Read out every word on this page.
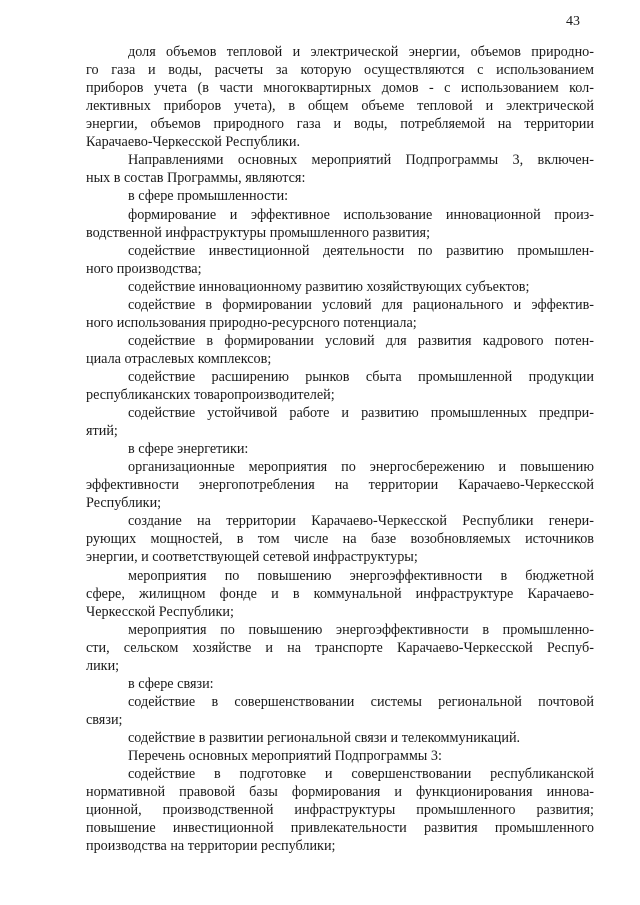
43
доля объемов тепловой и электрической энергии, объемов природно-
го газа и воды, расчеты за которую осуществляются с использованием
приборов учета (в части многоквартирных домов - с использованием кол-
лективных приборов учета), в общем объеме тепловой и электрической
энергии, объемов природного газа и воды, потребляемой на территории
Карачаево-Черкесской Республики.
Направлениями основных мероприятий Подпрограммы 3, включен-
ных в состав Программы, являются:
в сфере промышленности:
формирование и эффективное использование инновационной произ-
водственной инфраструктуры промышленного развития;
содействие инвестиционной деятельности по развитию промышлен-
ного производства;
содействие инновационному развитию хозяйствующих субъектов;
содействие в формировании условий для рационального и эффектив-
ного использования природно-ресурсного потенциала;
содействие в формировании условий для развития кадрового потен-
циала отраслевых комплексов;
содействие расширению рынков сбыта промышленной продукции
республиканских товаропроизводителей;
содействие устойчивой работе и развитию промышленных предпри-
ятий;
в сфере энергетики:
организационные мероприятия по энергосбережению и повышению
эффективности энергопотребления на территории Карачаево-Черкесской
Республики;
создание на территории Карачаево-Черкесской Республики генери-
рующих мощностей, в том числе на базе возобновляемых источников
энергии, и соответствующей сетевой инфраструктуры;
мероприятия по повышению энергоэффективности в бюджетной
сфере, жилищном фонде и в коммунальной инфраструктуре Карачаево-
Черкесской Республики;
мероприятия по повышению энергоэффективности в промышленно-
сти, сельском хозяйстве и на транспорте Карачаево-Черкесской Респуб-
лики;
в сфере связи:
содействие в совершенствовании системы региональной почтовой
связи;
содействие в развитии региональной связи и телекоммуникаций.
Перечень основных мероприятий Подпрограммы 3:
содействие в подготовке и совершенствовании республиканской
нормативной правовой базы формирования и функционирования иннова-
ционной, производственной инфраструктуры промышленного развития;
повышение инвестиционной привлекательности развития промышленного
производства на территории республики;
